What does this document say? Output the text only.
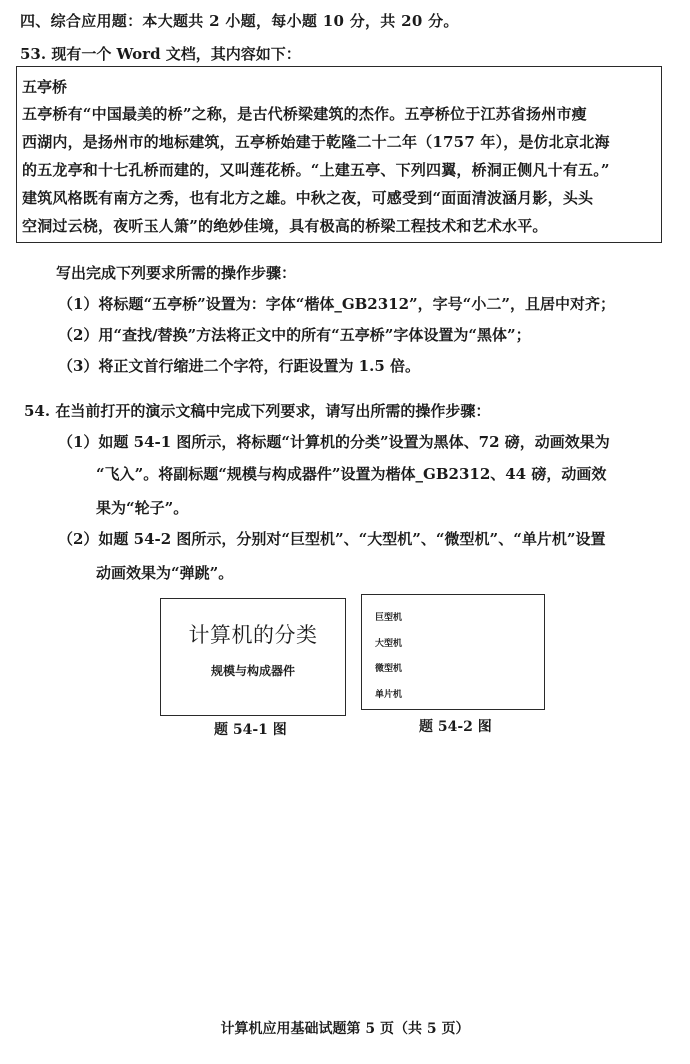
四、综合应用题：本大题共 2 小题，每小题 10 分，共 20 分。
53. 现有一个 Word 文档，其内容如下：
五亭桥
五亭桥有“中国最美的桥”之称，是古代桥梁建筑的杰作。五亭桥位于江苏省扬州市瘦
西湖内，是扬州市的地标建筑，五亭桥始建于乾隆二十二年（1757 年），是仿北京北海
的五龙亭和十七孔桥而建的，又叫莲花桥。“上建五亭、下列四翼，桥洞正侧凡十有五。”
建筑风格既有南方之秀，也有北方之雄。中秋之夜，可感受到“面面清波涵月影，头头
空洞过云桡，夜听玉人箫”的绝妙佳境，具有极高的桥梁工程技术和艺术水平。
写出完成下列要求所需的操作步骤：
（1）将标题“五亭桥”设置为：字体“楷体_GB2312”，字号“小二”，且居中对齐；
（2）用“查找/替换”方法将正文中的所有“五亭桥”字体设置为“黑体”；
（3）将正文首行缩进二个字符，行距设置为 1.5 倍。
54. 在当前打开的演示文稿中完成下列要求，请写出所需的操作步骤：
（1）如题 54-1 图所示，将标题“计算机的分类”设置为黑体、72 磅，动画效果为
“飞入”。将副标题“规模与构成器件”设置为楷体_GB2312、44 磅，动画效
果为“轮子”。
（2）如题 54-2 图所示，分别对“巨型机”、“大型机”、“微型机”、“单片机”设置
动画效果为“弹跳”。
计算机的分类
规模与构成器件
题 54-1 图
巨型机
大型机
微型机
单片机
题 54-2 图
计算机应用基础试题第 5 页（共 5 页）
